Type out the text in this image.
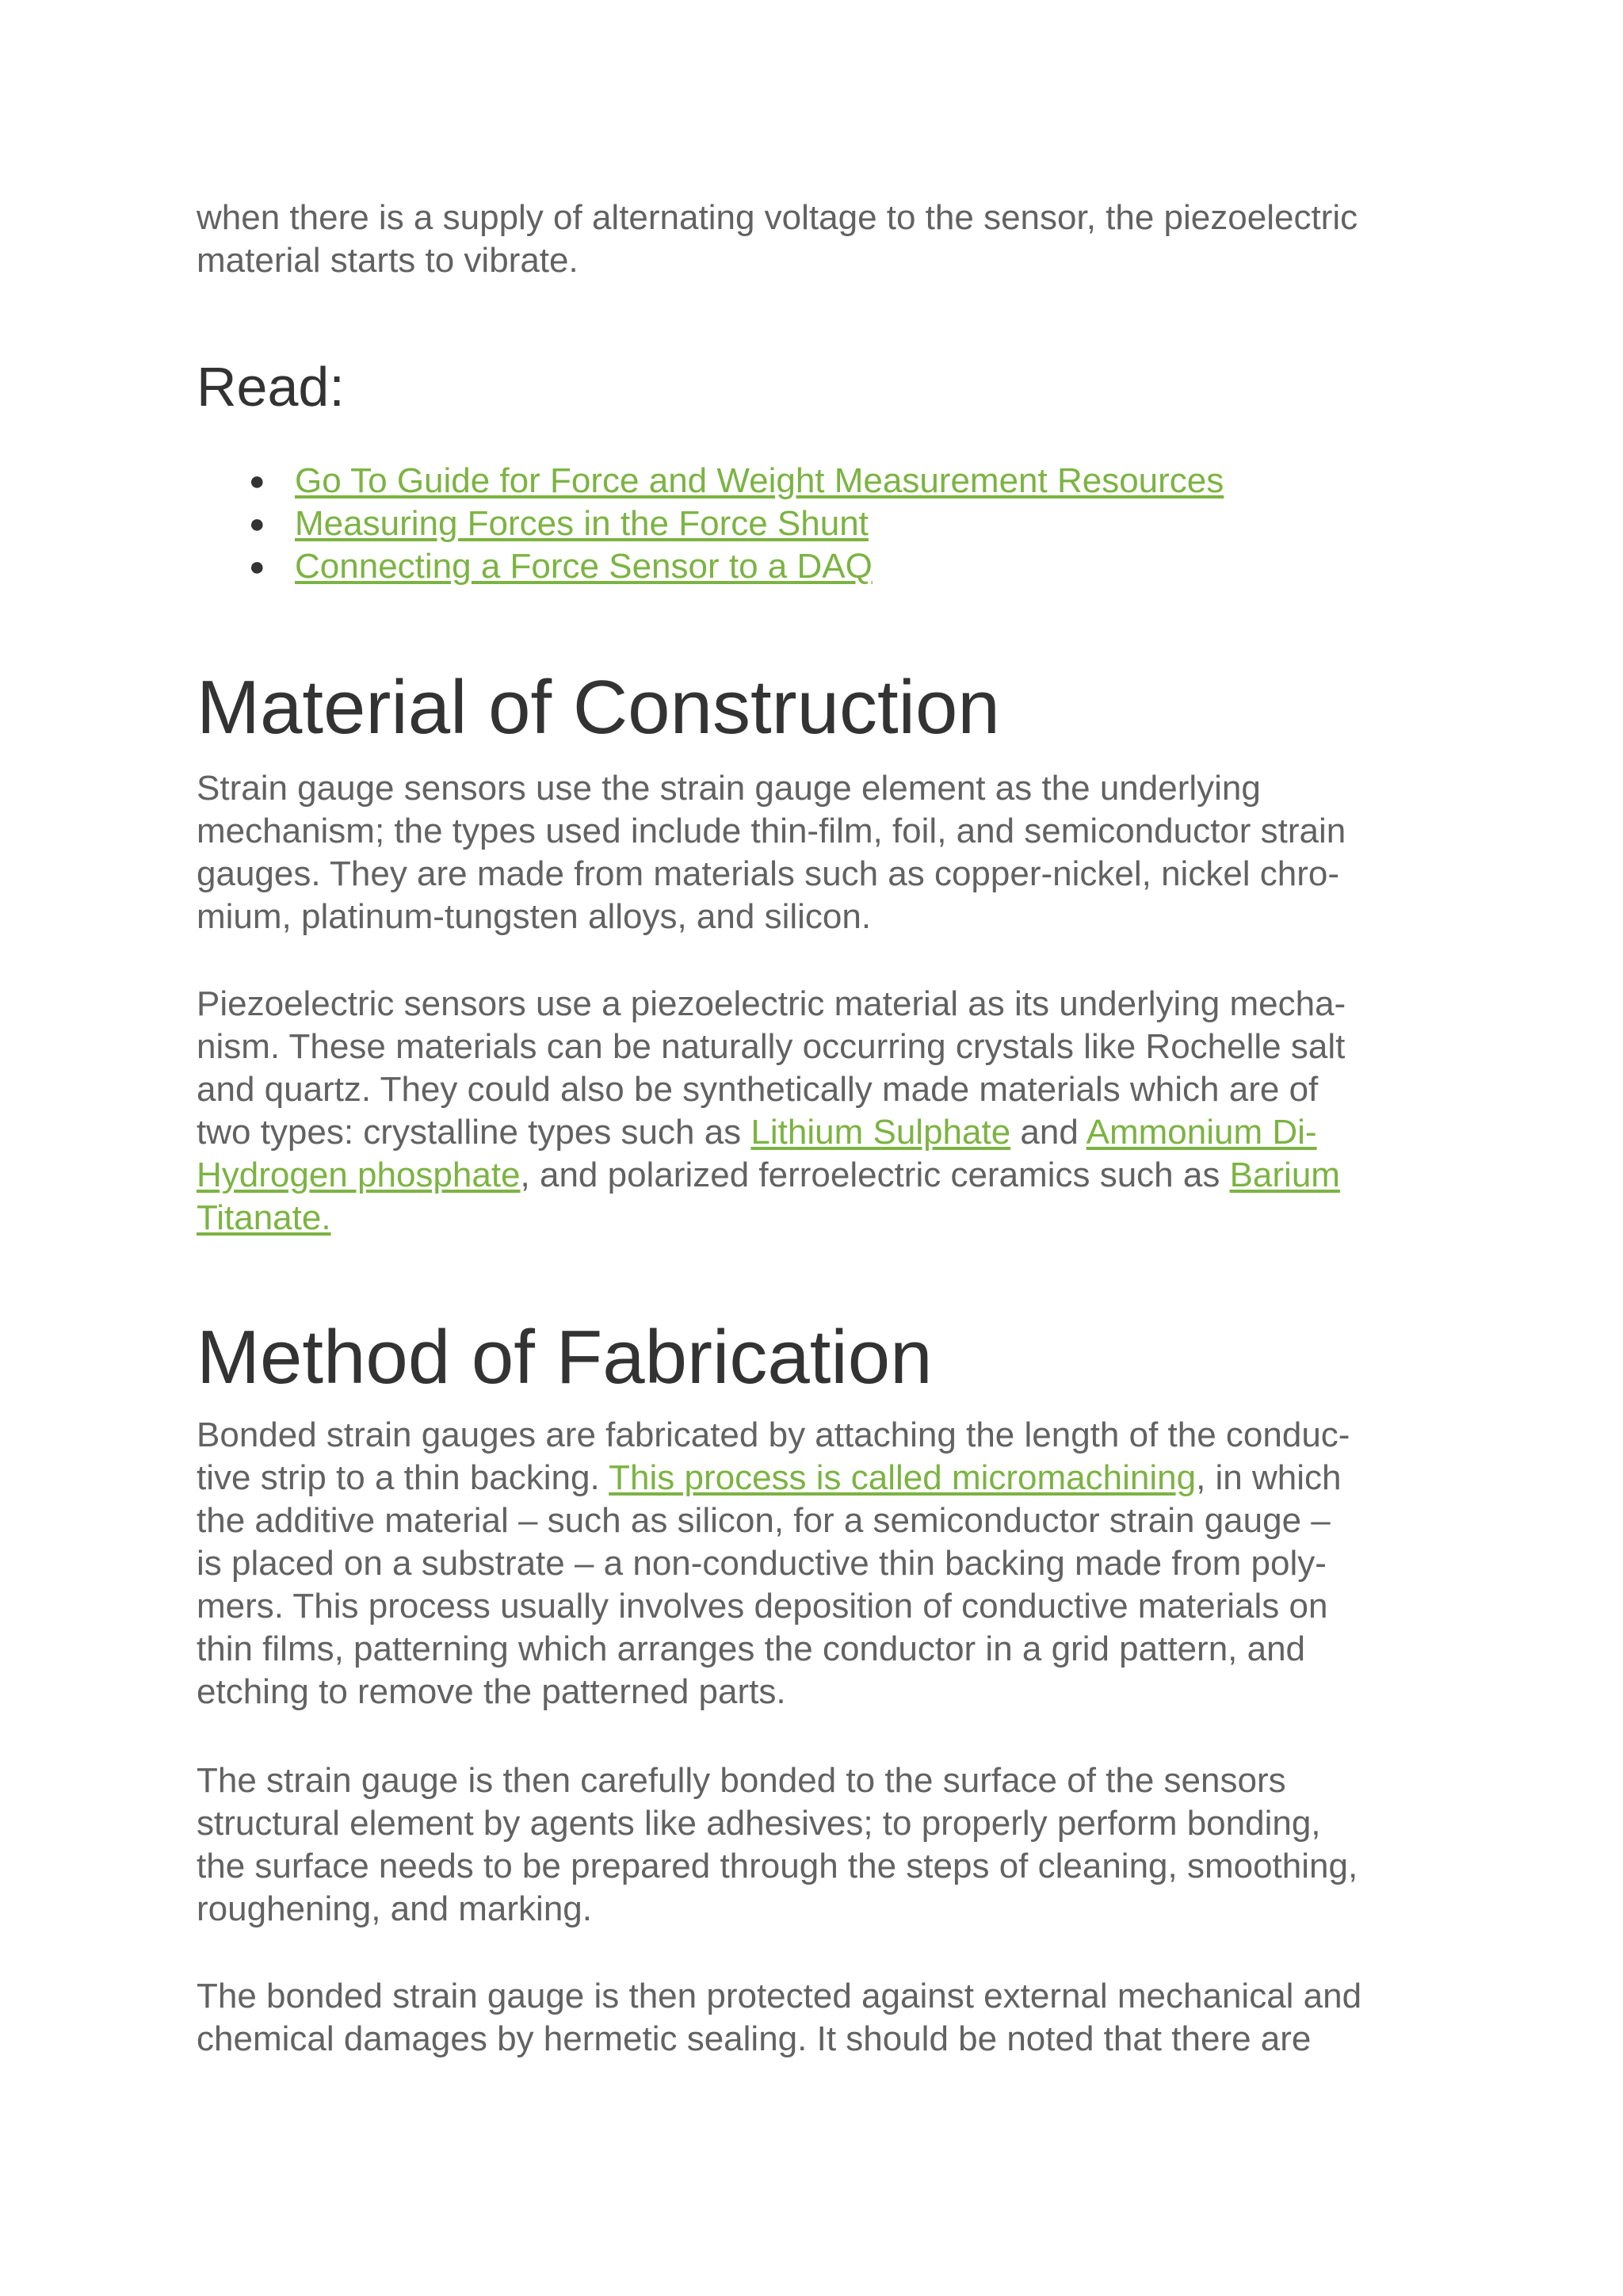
when there is a supply of alternating voltage to the sensor, the piezoelectric
material starts to vibrate.

Read:
● Go To Guide for Force and Weight Measurement Resources
● Measuring Forces in the Force Shunt
● Connecting a Force Sensor to a DAQ
Material of Construction

Strain gauge sensors use the strain gauge element as the underlying
mechanism; the types used include thin-film, foil, and semiconductor strain
gauges. They are made from materials such as copper-nickel, nickel chro-
mium, platinum-tungsten alloys, and silicon.

Piezoelectric sensors use a piezoelectric material as its underlying mecha-
nism. These materials can be naturally occurring crystals like Rochelle salt
and quartz. They could also be synthetically made materials which are of
two types: crystalline types such as Lithium Sulphate and Ammonium Di-
Hydrogen phosphate, and polarized ferroelectric ceramics such as Barium
Titanate.

Method of Fabrication

Bonded strain gauges are fabricated by attaching the length of the conduc-
tive strip to a thin backing. This process is called micromachining, in which
the additive material – such as silicon, for a semiconductor strain gauge –
is placed on a substrate – a non-conductive thin backing made from poly-
mers. This process usually involves deposition of conductive materials on
thin films, patterning which arranges the conductor in a grid pattern, and
etching to remove the patterned parts.

The strain gauge is then carefully bonded to the surface of the sensors
structural element by agents like adhesives; to properly perform bonding,
the surface needs to be prepared through the steps of cleaning, smoothing,
roughening, and marking.

The bonded strain gauge is then protected against external mechanical and
chemical damages by hermetic sealing. It should be noted that there are
